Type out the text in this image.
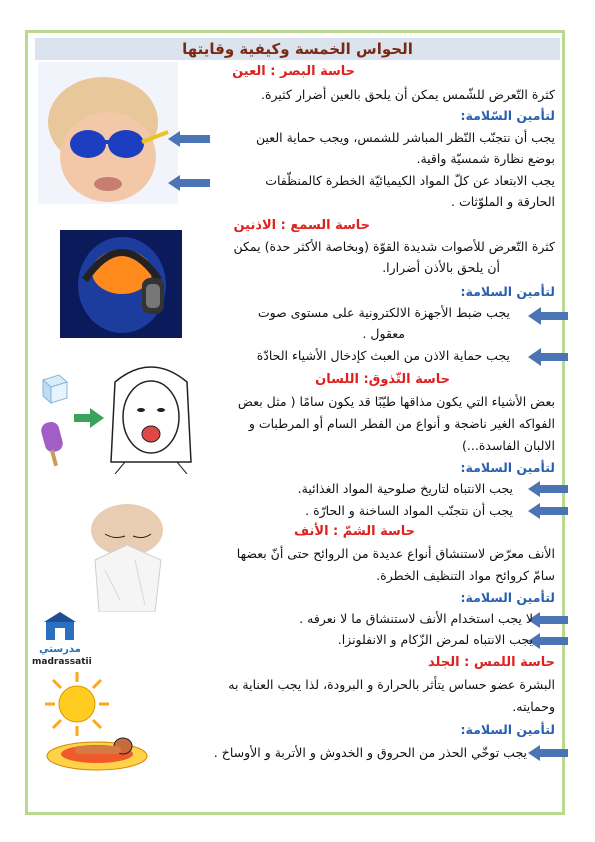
الحواس الخمسة وكيفية وقايتها
حاسة البصر : العين
كثرة التّعرض للشّمس يمكن أن يلحق بالعين أضرار كثيرة.
لتأمين السّلامة:
يجب أن نتجنّب النّظر المباشر للشمس، ويجب حماية العين
بوضع نظارة شمسيّة واقية.
يجب الابتعاد عن كلّ المواد الكيميائيّة الخطرة كالمنظّفات
الحارقة و الملوّثات .
حاسة السمع : الاذنين
كثرة التّعرض للأصوات شديدة القوّة (وبخاصة الأكثر حدة) يمكن
أن يلحق بالأذن أضرارا.
لتأمين السلامة:
يجب ضبط الأجهزة الالكترونية على مستوى صوت
معقول .
يجب حماية الاذن من العبث كإدخال الأشياء الحادّة
حاسة التّذوق: اللسان
بعض الأشياء التي يكون مذاقها طيّبًا قد يكون سامًا ( مثل بعض
الفواكه الغير ناضجة و أنواع من الفطر السام أو المرطبات و
الالبان الفاسدة...)
لتأمين السلامة:
يجب الانتباه لتاريخ صلوحية المواد الغذائية.
يجب أن نتجنّب المواد الساخنة و الحارّة .
حاسة الشمّ : الأنف
الأنف معرّض لاستنشاق أنواع عديدة من الروائح حتى أنّ بعضها
سامّ كروائح مواد التنظيف الخطرة.
لتأمين السلامة:
لا يجب استخدام الأنف لاستنشاق ما لا نعرفه .
يجب الانتباه لمرض الزّكام و الانفلونزا.
مدرستي
madrassatii	حاسة اللمس : الجلد
البشرة عضو حساس يتأثر بالحرارة و البرودة، لذا يجب العناية به
وحمايته.
لتأمين السلامة:
يجب توخّي الحذر من الحروق و الخدوش و الأتربة و الأوساخ .
